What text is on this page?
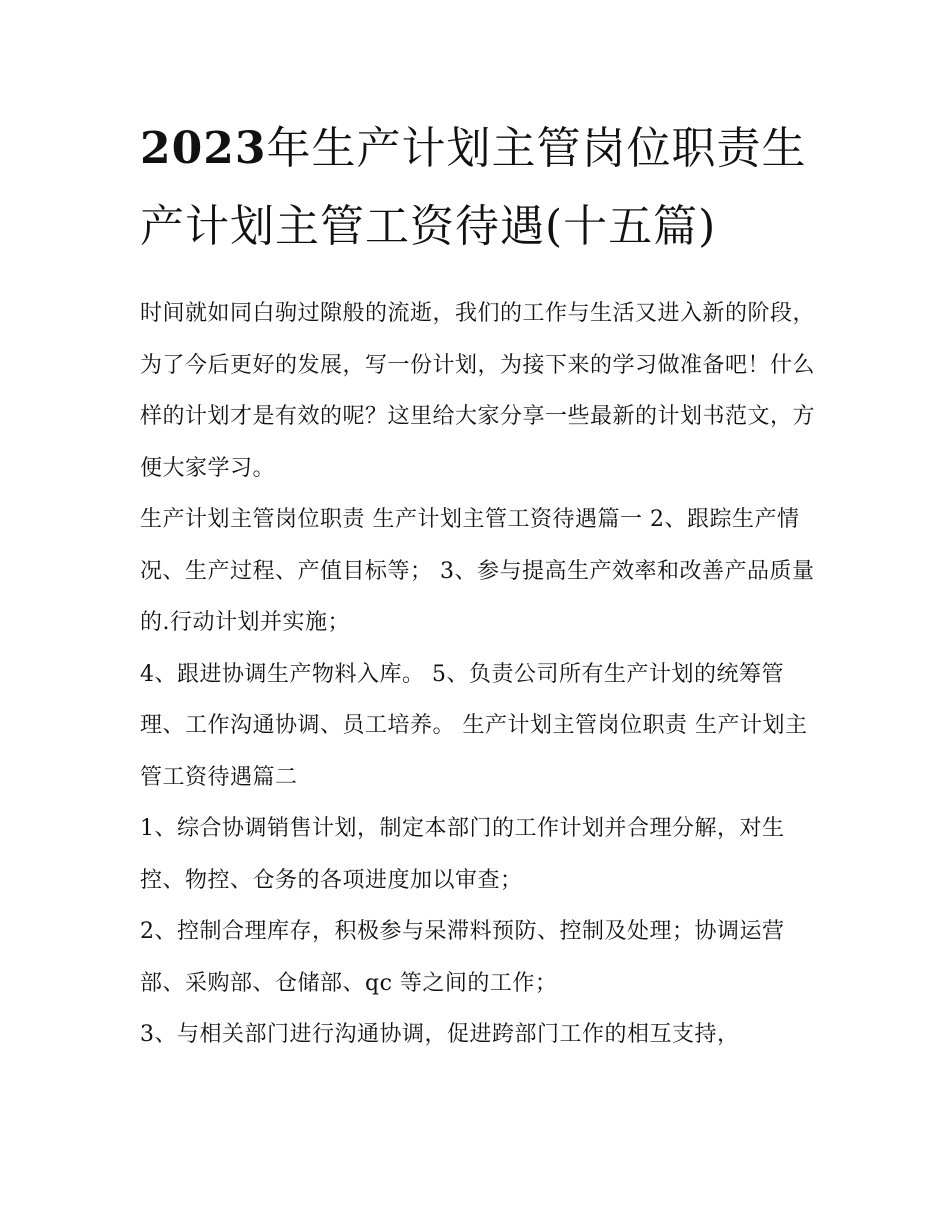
2023年生产计划主管岗位职责生产计划主管工资待遇(十五篇)

时间就如同白驹过隙般的流逝，我们的工作与生活又进入新的阶段，为了今后更好的发展，写一份计划，为接下来的学习做准备吧！什么样的计划才是有效的呢？这里给大家分享一些最新的计划书范文，方便大家学习。

生产计划主管岗位职责 生产计划主管工资待遇篇一 2、跟踪生产情况、生产过程、产值目标等； 3、参与提高生产效率和改善产品质量的.行动计划并实施；

4、跟进协调生产物料入库。 5、负责公司所有生产计划的统筹管理、工作沟通协调、员工培养。 生产计划主管岗位职责 生产计划主管工资待遇篇二

1、综合协调销售计划，制定本部门的工作计划并合理分解，对生控、物控、仓务的各项进度加以审查；

2、控制合理库存，积极参与呆滞料预防、控制及处理；协调运营部、采购部、仓储部、qc 等之间的工作；

3、与相关部门进行沟通协调，促进跨部门工作的相互支持，
